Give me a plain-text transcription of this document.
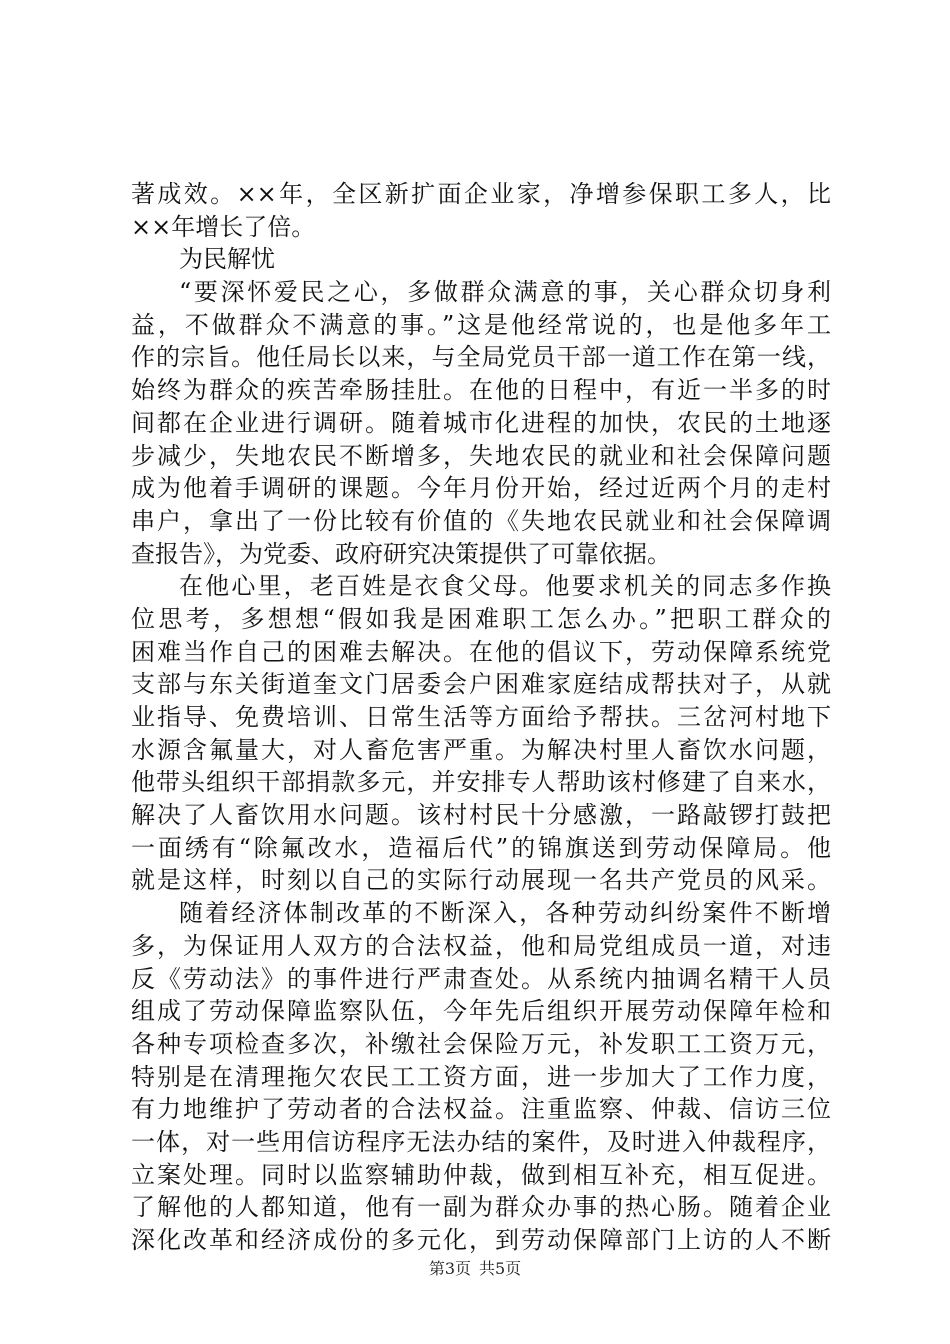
著成效。××年，全区新扩面企业家，净增参保职工多人，比
××年增长了倍。
为民解忧
“要深怀爱民之心，多做群众满意的事，关心群众切身利
益，不做群众不满意的事。”这是他经常说的，也是他多年工
作的宗旨。他任局长以来，与全局党员干部一道工作在第一线，
始终为群众的疾苦牵肠挂肚。在他的日程中，有近一半多的时
间都在企业进行调研。随着城市化进程的加快，农民的土地逐
步减少，失地农民不断增多，失地农民的就业和社会保障问题
成为他着手调研的课题。今年月份开始，经过近两个月的走村
串户，拿出了一份比较有价值的《失地农民就业和社会保障调
查报告》，为党委、政府研究决策提供了可靠依据。
在他心里，老百姓是衣食父母。他要求机关的同志多作换
位思考，多想想“假如我是困难职工怎么办。”把职工群众的
困难当作自己的困难去解决。在他的倡议下，劳动保障系统党
支部与东关街道奎文门居委会户困难家庭结成帮扶对子，从就
业指导、免费培训、日常生活等方面给予帮扶。三岔河村地下
水源含氟量大，对人畜危害严重。为解决村里人畜饮水问题，
他带头组织干部捐款多元，并安排专人帮助该村修建了自来水，
解决了人畜饮用水问题。该村村民十分感激，一路敲锣打鼓把
一面绣有“除氟改水，造福后代”的锦旗送到劳动保障局。他
就是这样，时刻以自己的实际行动展现一名共产党员的风采。
随着经济体制改革的不断深入，各种劳动纠纷案件不断增
多，为保证用人双方的合法权益，他和局党组成员一道，对违
反《劳动法》的事件进行严肃查处。从系统内抽调名精干人员
组成了劳动保障监察队伍，今年先后组织开展劳动保障年检和
各种专项检查多次，补缴社会保险万元，补发职工工资万元，
特别是在清理拖欠农民工工资方面，进一步加大了工作力度，
有力地维护了劳动者的合法权益。注重监察、仲裁、信访三位
一体，对一些用信访程序无法办结的案件，及时进入仲裁程序，
立案处理。同时以监察辅助仲裁，做到相互补充，相互促进。
了解他的人都知道，他有一副为群众办事的热心肠。随着企业
深化改革和经济成份的多元化，到劳动保障部门上访的人不断
第3页 共5页
